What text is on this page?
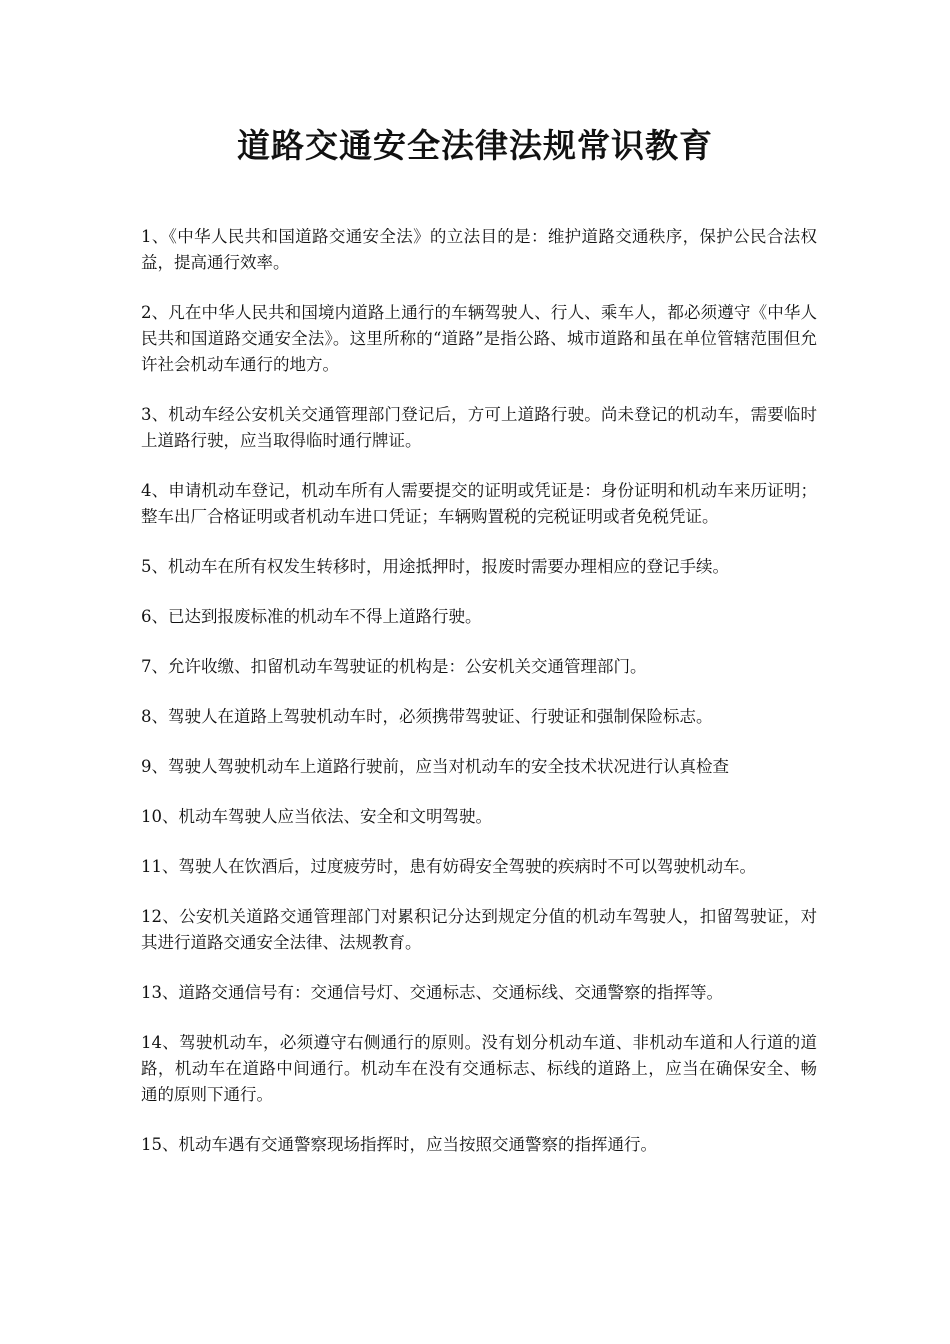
道路交通安全法律法规常识教育
1、《中华人民共和国道路交通安全法》的立法目的是：维护道路交通秩序，保护公民合法权益，提高通行效率。
2、凡在中华人民共和国境内道路上通行的车辆驾驶人、行人、乘车人，都必须遵守《中华人民共和国道路交通安全法》。这里所称的“道路”是指公路、城市道路和虽在单位管辖范围但允许社会机动车通行的地方。
3、机动车经公安机关交通管理部门登记后，方可上道路行驶。尚未登记的机动车，需要临时上道路行驶，应当取得临时通行牌证。
4、申请机动车登记，机动车所有人需要提交的证明或凭证是：身份证明和机动车来历证明；整车出厂合格证明或者机动车进口凭证；车辆购置税的完税证明或者免税凭证。
5、机动车在所有权发生转移时，用途抵押时，报废时需要办理相应的登记手续。
6、已达到报废标准的机动车不得上道路行驶。
7、允许收缴、扣留机动车驾驶证的机构是：公安机关交通管理部门。
8、驾驶人在道路上驾驶机动车时，必须携带驾驶证、行驶证和强制保险标志。
9、驾驶人驾驶机动车上道路行驶前，应当对机动车的安全技术状况进行认真检查
10、机动车驾驶人应当依法、安全和文明驾驶。
11、驾驶人在饮酒后，过度疲劳时，患有妨碍安全驾驶的疾病时不可以驾驶机动车。
12、公安机关道路交通管理部门对累积记分达到规定分值的机动车驾驶人，扣留驾驶证，对其进行道路交通安全法律、法规教育。
13、道路交通信号有：交通信号灯、交通标志、交通标线、交通警察的指挥等。
14、驾驶机动车，必须遵守右侧通行的原则。没有划分机动车道、非机动车道和人行道的道路，机动车在道路中间通行。机动车在没有交通标志、标线的道路上，应当在确保安全、畅通的原则下通行。
15、机动车遇有交通警察现场指挥时，应当按照交通警察的指挥通行。
